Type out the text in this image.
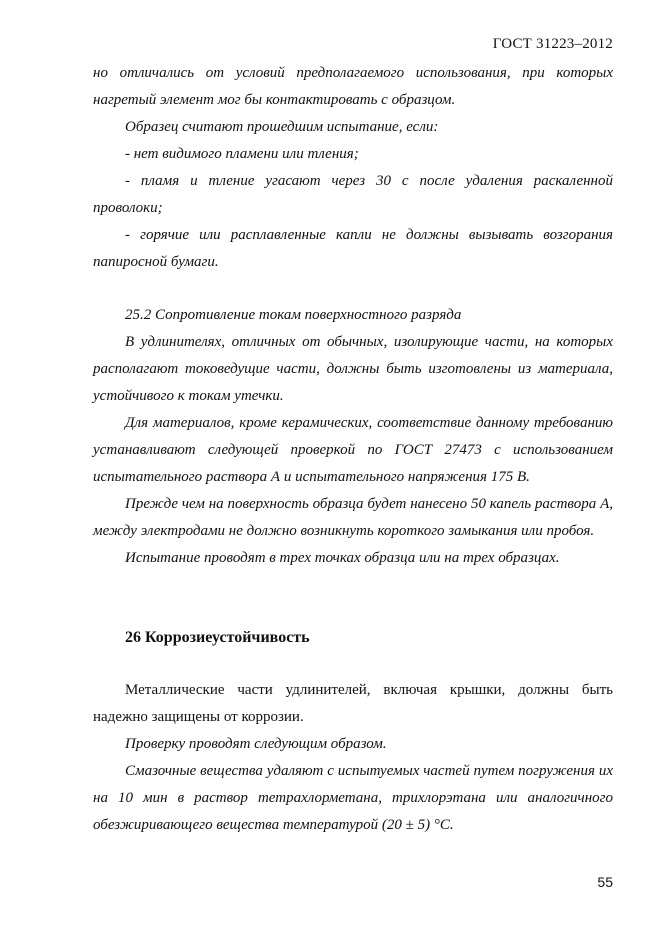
ГОСТ 31223–2012

но отличались от условий предполагаемого использования, при которых нагретый элемент мог бы контактировать с образцом.

Образец считают прошедшим испытание, если:

- нет видимого пламени или тления;

- пламя и тление угасают через 30 с после удаления раскаленной проволоки;

- горячие или расплавленные капли не должны вызывать возгорания папиросной бумаги.

25.2 Сопротивление токам поверхностного разряда

В удлинителях, отличных от обычных, изолирующие части, на которых располагают токоведущие части, должны быть изготовлены из материала, устойчивого к токам утечки.

Для материалов, кроме керамических, соответствие данному требованию устанавливают следующей проверкой по ГОСТ 27473 с использованием испытательного раствора А и испытательного напряжения 175 В.

Прежде чем на поверхность образца будет нанесено 50 капель раствора А, между электродами не должно возникнуть короткого замыкания или пробоя.

Испытание проводят в трех точках образца или на трех образцах.

26 Коррозиеустойчивость

Металлические части удлинителей, включая крышки, должны быть надежно защищены от коррозии.

Проверку проводят следующим образом.

Смазочные вещества удаляют с испытуемых частей путем погружения их на 10 мин в раствор тетрахлорметана, трихлорэтана или аналогичного обезжиривающего вещества температурой (20 ± 5) °С.

55
